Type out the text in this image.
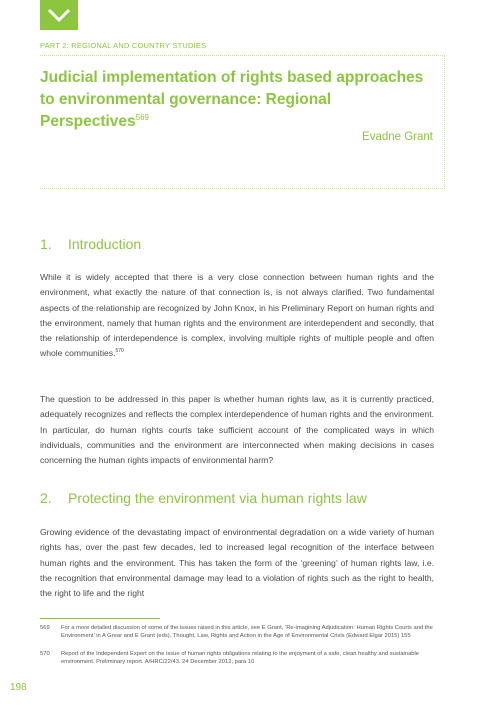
PART 2: REGIONAL AND COUNTRY STUDIES
Judicial implementation of rights based approaches to environmental governance: Regional Perspectives$^{569}$
Evadne Grant
1. Introduction
While it is widely accepted that there is a very close connection between human rights and the environment, what exactly the nature of that connection is, is not always clarified. Two fundamental aspects of the relationship are recognized by John Knox, in his Preliminary Report on human rights and the environment, namely that human rights and the environment are interdependent and secondly, that the relationship of interdependence is complex, involving multiple rights of multiple people and often whole communities.$^{570}$
The question to be addressed in this paper is whether human rights law, as it is currently practiced, adequately recognizes and reflects the complex interdependence of human rights and the environment. In particular, do human rights courts take sufficient account of the complicated ways in which individuals, communities and the environment are interconnected when making decisions in cases concerning the human rights impacts of environmental harm?
2. Protecting the environment via human rights law
Growing evidence of the devastating impact of environmental degradation on a wide variety of human rights has, over the past few decades, led to increased legal recognition of the interface between human rights and the environment. This has taken the form of the ‘greening’ of human rights law, i.e. the recognition that environmental damage may lead to a violation of rights such as the right to health, the right to life and the right
569 For a more detailed discussion of some of the issues raised in this article, see E Grant, ‘Re-imagining Adjudication: Human Rights Courts and the Environment’ in A Grear and E Grant (eds), Thought, Law, Rights and Action in the Age of Environmental Crisis (Edward Elgar 2015) 155
570 Report of the Independent Expert on the issue of human rights obligations relating to the enjoyment of a safe, clean healthy and sustainable environment. Preliminary report. A/HRC/22/43. 24 December 2012, para 10
198
